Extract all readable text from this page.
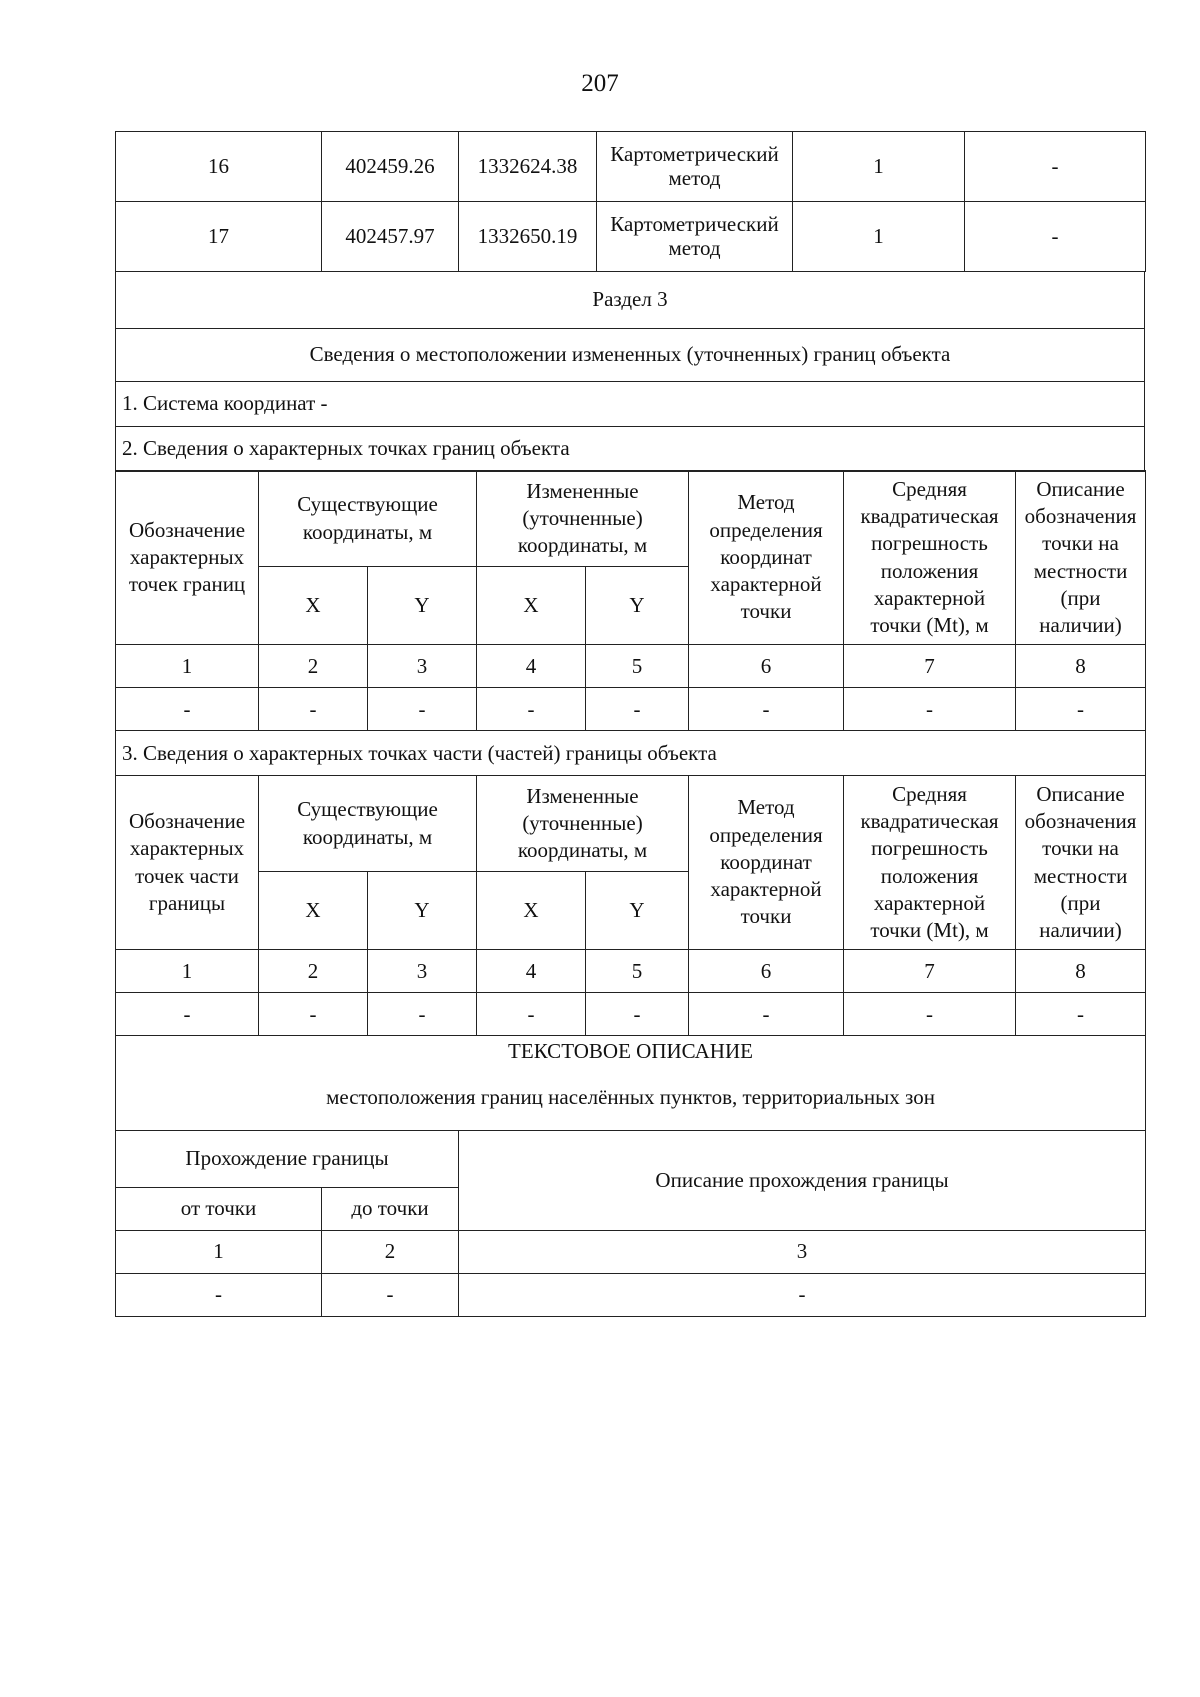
207
16	402459.26	1332624.38	Картометрический метод	1	-
17	402457.97	1332650.19	Картометрический метод	1	-
Раздел 3
Сведения о местоположении измененных (уточненных) границ объекта
1. Система координат -
2. Сведения о характерных точках границ объекта
Обозначение характерных точек границ	Существующие координаты, м		Измененные (уточненные) координаты, м		Метод определения координат характерной точки	Средняя квадратическая погрешность положения характерной точки (Mt), м	Описание обозначения точки на местности (при наличии)
	X	Y	X	Y			
1	2	3	4	5	6	7	8
-	-	-	-	-	-	-	-
3. Сведения о характерных точках части (частей) границы объекта							
Обозначение характерных точек части границы	Существующие координаты, м		Измененные (уточненные) координаты, м		Метод определения координат характерной точки	Средняя квадратическая погрешность положения характерной точки (Mt), м	Описание обозначения точки на местности (при наличии)
	X	Y	X	Y			
1	2	3	4	5	6	7	8
-	-	-	-	-	-	-	-
ТЕКСТОВОЕ ОПИСАНИЕ
местоположения границ населённых пунктов, территориальных зон		

Прохождение границы		Описание прохождения границы
от точки	до точки	
1	2	3
-	-	-
